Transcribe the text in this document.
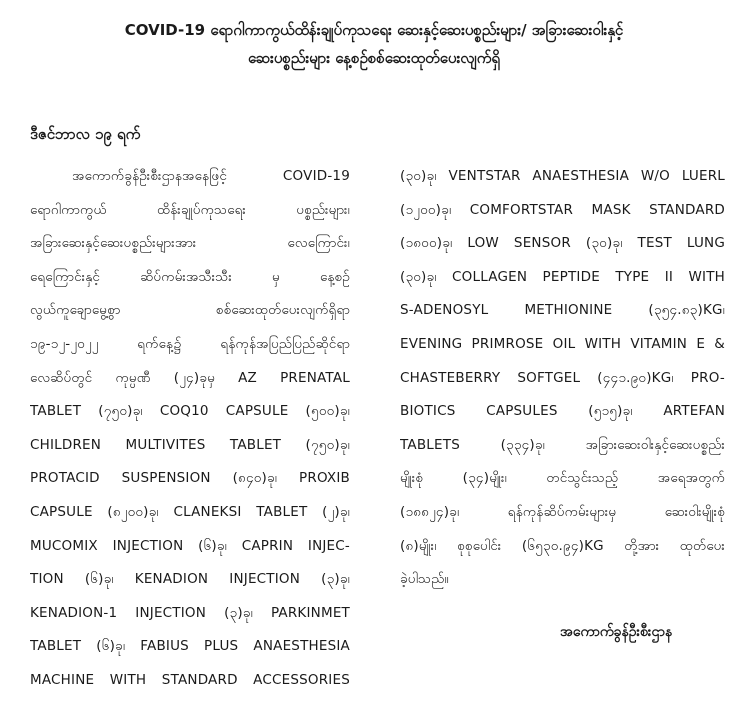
COVID-19 ရောဂါကာကွယ်ထိန်းချုပ်ကုသရေး ဆေးနှင့်ဆေးပစ္စည်းများ/ အခြားဆေးဝါးနှင့်
ဆေးပစ္စည်းများ နေ့စဉ်စစ်ဆေးထုတ်ပေးလျက်ရှိ
ဒီဇင်ဘာလ ၁၉ ရက်
အကောက်ခွန်ဦးစီးဌာနအနေဖြင့် COVID-19
ရောဂါကာကွယ် ထိန်းချုပ်ကုသရေး ပစ္စည်းများ၊
အခြားဆေးနှင့်ဆေးပစ္စည်းများအား လေကြောင်း၊
ရေကြောင်းနှင့် ဆိပ်ကမ်းအသီးသီး မှ နေ့စဉ်
လွယ်ကူချောမွေ့စွာ စစ်ဆေးထုတ်ပေးလျက်ရှိရာ
၁၉-၁၂-၂၀၂၂ ရက်နေ့၌ ရန်ကုန်အပြည်ပြည်ဆိုင်ရာ
လေဆိပ်တွင် ကုမ္ပဏီ (၂၄)ခုမှ AZ PRENATAL
TABLET (၇၅၀)ခု၊ COQ10 CAPSULE (၅၀၀)ခု၊
CHILDREN MULTIVITES TABLET (၇၅၀)ခု၊
PROTACID SUSPENSION (၈၄၀)ခု၊ PROXIB
CAPSULE (၈၂၀၀)ခု၊ CLANEKSI TABLET (၂)ခု၊
MUCOMIX INJECTION (၆)ခု၊ CAPRIN INJEC-
TION (၆)ခု၊ KENADION INJECTION (၃)ခု၊
KENADION-1 INJECTION (၃)ခု၊ PARKINMET
TABLET (၆)ခု၊ FABIUS PLUS ANAESTHESIA
MACHINE WITH STANDARD ACCESSORIES
(၃၀)ခု၊ VENTSTAR ANAESTHESIA W/O LUERL
(၁၂၀၀)ခု၊ COMFORTSTAR MASK STANDARD
(၁၈၀၀)ခု၊ LOW SENSOR (၃၀)ခု၊ TEST LUNG
(၃၀)ခု၊ COLLAGEN PEPTIDE TYPE II WITH
S-ADENOSYL METHIONINE (၃၅၄.၈၃)KG၊
EVENING PRIMROSE OIL WITH VITAMIN E &
CHASTEBERRY SOFTGEL (၄၄၁.၉၀)KG၊ PRO-
BIOTICS CAPSULES (၅၁၅)ခု၊ ARTEFAN
TABLETS (၃၃၄)ခု၊ အခြားဆေးဝါးနှင့်ဆေးပစ္စည်း
မျိုးစုံ (၃၄)မျိုး၊ တင်သွင်းသည့် အရေအတွက်
(၁၈၈၂၄)ခု၊ ရန်ကုန်ဆိပ်ကမ်းများမှ ဆေးဝါးမျိုးစုံ
(၈)မျိုး၊ စုစုပေါင်း (၆၅၃၀.၉၄)KG တို့အား ထုတ်ပေး
ခဲ့ပါသည်။
အကောက်ခွန်ဦးစီးဌာန
